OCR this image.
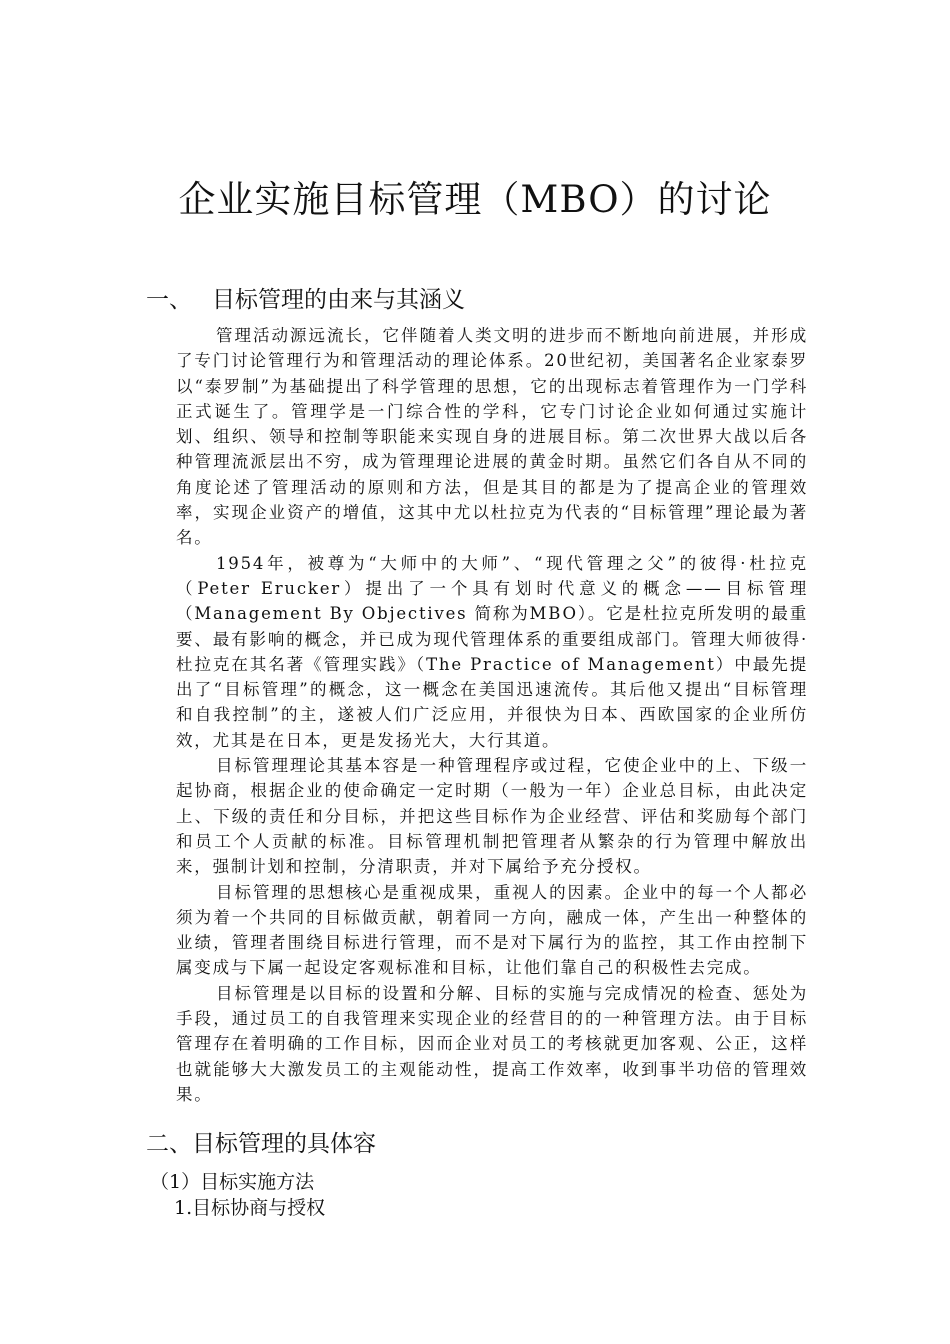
企业实施目标管理（MBO）的讨论
一、 目标管理的由来与其涵义

管理活动源远流长，它伴随着人类文明的进步而不断地向前进展，并形成了专门讨论管理行为和管理活动的理论体系。20世纪初，美国著名企业家泰罗以“泰罗制”为基础提出了科学管理的思想，它的出现标志着管理作为一门学科正式诞生了。管理学是一门综合性的学科，它专门讨论企业如何通过实施计划、组织、领导和控制等职能来实现自身的进展目标。第二次世界大战以后各种管理流派层出不穷，成为管理理论进展的黄金时期。虽然它们各自从不同的角度论述了管理活动的原则和方法，但是其目的都是为了提高企业的管理效率，实现企业资产的增值，这其中尤以杜拉克为代表的“目标管理”理论最为著名。

1954年，被尊为“大师中的大师”、“现代管理之父”的彼得·杜拉克（Peter Erucker）提出了一个具有划时代意义的概念——目标管理（Management By Objectives 简称为MBO）。它是杜拉克所发明的最重要、最有影响的概念，并已成为现代管理体系的重要组成部门。管理大师彼得·杜拉克在其名著《管理实践》（The Practice of Management）中最先提出了“目标管理”的概念，这一概念在美国迅速流传。其后他又提出“目标管理和自我控制”的主，遂被人们广泛应用，并很快为日本、西欧国家的企业所仿效，尤其是在日本，更是发扬光大，大行其道。

目标管理理论其基本容是一种管理程序或过程，它使企业中的上、下级一起协商，根据企业的使命确定一定时期（一般为一年）企业总目标，由此决定上、下级的责任和分目标，并把这些目标作为企业经营、评估和奖励每个部门和员工个人贡献的标准。目标管理机制把管理者从繁杂的行为管理中解放出来，强制计划和控制，分清职责，并对下属给予充分授权。

目标管理的思想核心是重视成果，重视人的因素。企业中的每一个人都必须为着一个共同的目标做贡献，朝着同一方向，融成一体，产生出一种整体的业绩，管理者围绕目标进行管理，而不是对下属行为的监控，其工作由控制下属变成与下属一起设定客观标准和目标，让他们靠自己的积极性去完成。

目标管理是以目标的设置和分解、目标的实施与完成情况的检查、惩处为手段，通过员工的自我管理来实现企业的经营目的的一种管理方法。由于目标管理存在着明确的工作目标，因而企业对员工的考核就更加客观、公正，这样也就能够大大激发员工的主观能动性，提高工作效率，收到事半功倍的管理效果。

二、目标管理的具体容
（1）目标实施方法
1.目标协商与授权
